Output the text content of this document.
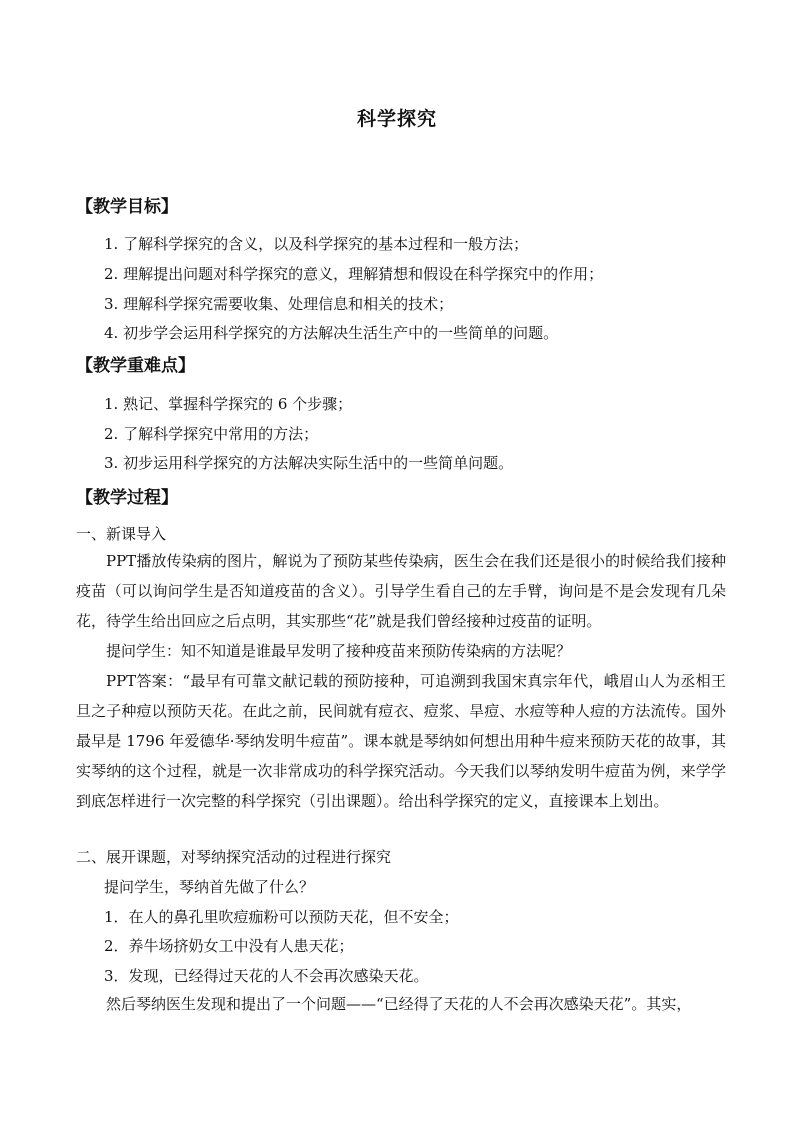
科学探究
【教学目标】
1. 了解科学探究的含义，以及科学探究的基本过程和一般方法；
2. 理解提出问题对科学探究的意义，理解猜想和假设在科学探究中的作用；
3. 理解科学探究需要收集、处理信息和相关的技术；
4. 初步学会运用科学探究的方法解决生活生产中的一些简单的问题。
【教学重难点】
1. 熟记、掌握科学探究的 6 个步骤；
2. 了解科学探究中常用的方法；
3. 初步运用科学探究的方法解决实际生活中的一些简单问题。
【教学过程】
一、新课导入
PPT播放传染病的图片，解说为了预防某些传染病，医生会在我们还是很小的时候给我们接种疫苗（可以询问学生是否知道疫苗的含义）。引导学生看自己的左手臂，询问是不是会发现有几朵花，待学生给出回应之后点明，其实那些“花”就是我们曾经接种过疫苗的证明。
提问学生：知不知道是谁最早发明了接种疫苗来预防传染病的方法呢？
PPT答案：“最早有可靠文献记载的预防接种，可追溯到我国宋真宗年代，峨眉山人为丞相王旦之子种痘以预防天花。在此之前，民间就有痘衣、痘浆、旱痘、水痘等种人痘的方法流传。国外最早是 1796 年爱德华·琴纳发明牛痘苗”。课本就是琴纳如何想出用种牛痘来预防天花的故事，其实琴纳的这个过程，就是一次非常成功的科学探究活动。今天我们以琴纳发明牛痘苗为例，来学学到底怎样进行一次完整的科学探究（引出课题）。给出科学探究的定义，直接课本上划出。
二、展开课题，对琴纳探究活动的过程进行探究
提问学生，琴纳首先做了什么？
1．在人的鼻孔里吹痘痂粉可以预防天花，但不安全；
2．养牛场挤奶女工中没有人患天花；
3．发现，已经得过天花的人不会再次感染天花。
然后琴纳医生发现和提出了一个问题——“已经得了天花的人不会再次感染天花”。其实，
